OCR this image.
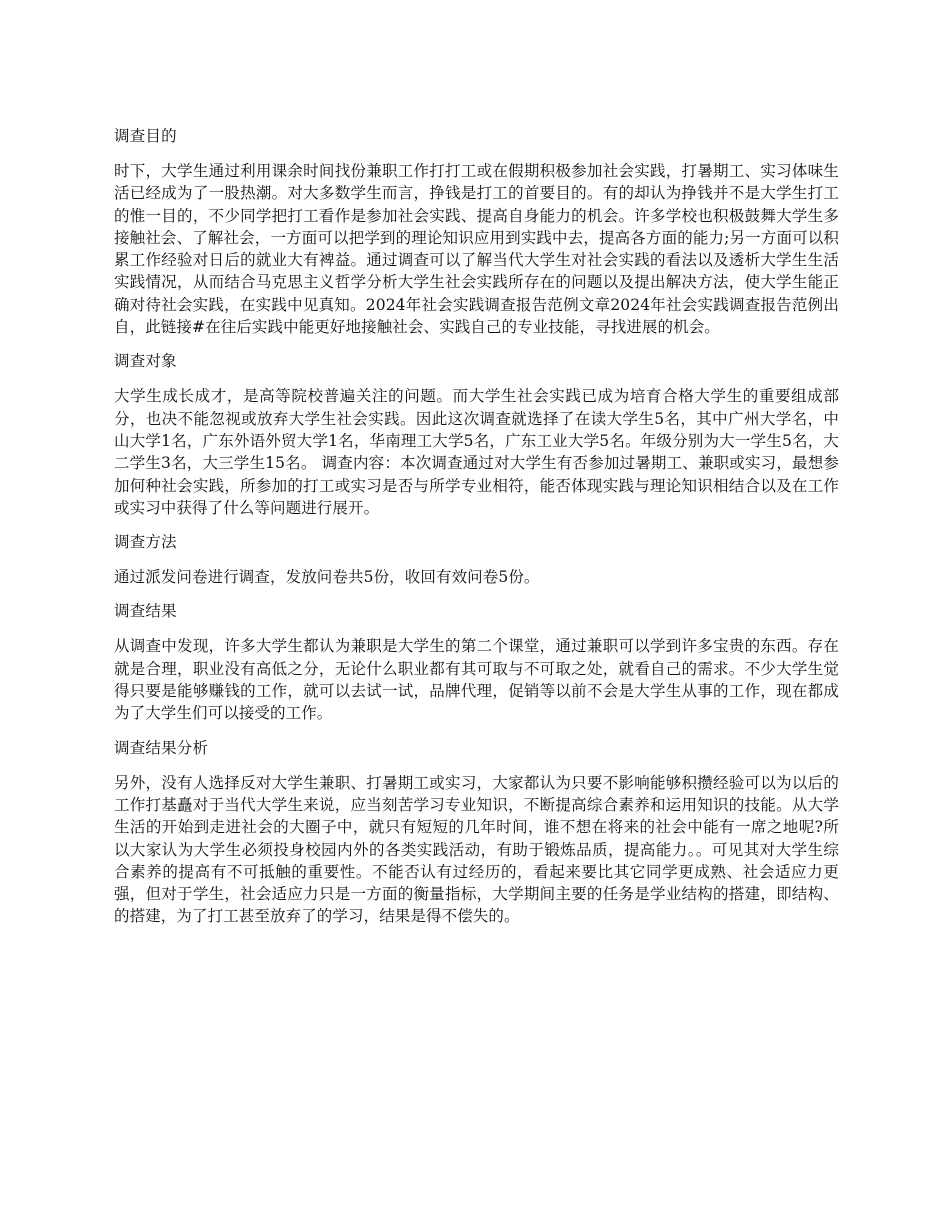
调查目的

时下，大学生通过利用课余时间找份兼职工作打打工或在假期积极参加社会实践，打暑期工、实习体味生活已经成为了一股热潮。对大多数学生而言，挣钱是打工的首要目的。有的却认为挣钱并不是大学生打工的惟一目的，不少同学把打工看作是参加社会实践、提高自身能力的机会。许多学校也积极鼓舞大学生多接触社会、了解社会，一方面可以把学到的理论知识应用到实践中去，提高各方面的能力;另一方面可以积累工作经验对日后的就业大有裨益。通过调查可以了解当代大学生对社会实践的看法以及透析大学生生活实践情况，从而结合马克思主义哲学分析大学生社会实践所存在的问题以及提出解决方法，使大学生能正确对待社会实践，在实践中见真知。2024年社会实践调查报告范例文章2024年社会实践调查报告范例出自，此链接#在往后实践中能更好地接触社会、实践自己的专业技能，寻找进展的机会。

调查对象

大学生成长成才，是高等院校普遍关注的问题。而大学生社会实践已成为培育合格大学生的重要组成部分，也决不能忽视或放弃大学生社会实践。因此这次调查就选择了在读大学生5名，其中广州大学名，中山大学1名，广东外语外贸大学1名，华南理工大学5名，广东工业大学5名。年级分别为大一学生5名，大二学生3名，大三学生15名。 调查内容：本次调查通过对大学生有否参加过暑期工、兼职或实习，最想参加何种社会实践，所参加的打工或实习是否与所学专业相符，能否体现实践与理论知识相结合以及在工作或实习中获得了什么等问题进行展开。

调查方法

通过派发问卷进行调查，发放问卷共5份，收回有效问卷5份。

调查结果

从调查中发现，许多大学生都认为兼职是大学生的第二个课堂，通过兼职可以学到许多宝贵的东西。存在就是合理，职业没有高低之分，无论什么职业都有其可取与不可取之处，就看自己的需求。不少大学生觉得只要是能够赚钱的工作，就可以去试一试，品牌代理，促销等以前不会是大学生从事的工作，现在都成为了大学生们可以接受的工作。

调查结果分析

另外，没有人选择反对大学生兼职、打暑期工或实习，大家都认为只要不影响能够积攒经验可以为以后的工作打基矗对于当代大学生来说，应当刻苦学习专业知识，不断提高综合素养和运用知识的技能。从大学生活的开始到走进社会的大圈子中，就只有短短的几年时间，谁不想在将来的社会中能有一席之地呢?所以大家认为大学生必须投身校园内外的各类实践活动，有助于锻炼品质，提高能力。。可见其对大学生综合素养的提高有不可抵触的重要性。不能否认有过经历的，看起来要比其它同学更成熟、社会适应力更强，但对于学生，社会适应力只是一方面的衡量指标，大学期间主要的任务是学业结构的搭建，即结构、的搭建，为了打工甚至放弃了的学习，结果是得不偿失的。
